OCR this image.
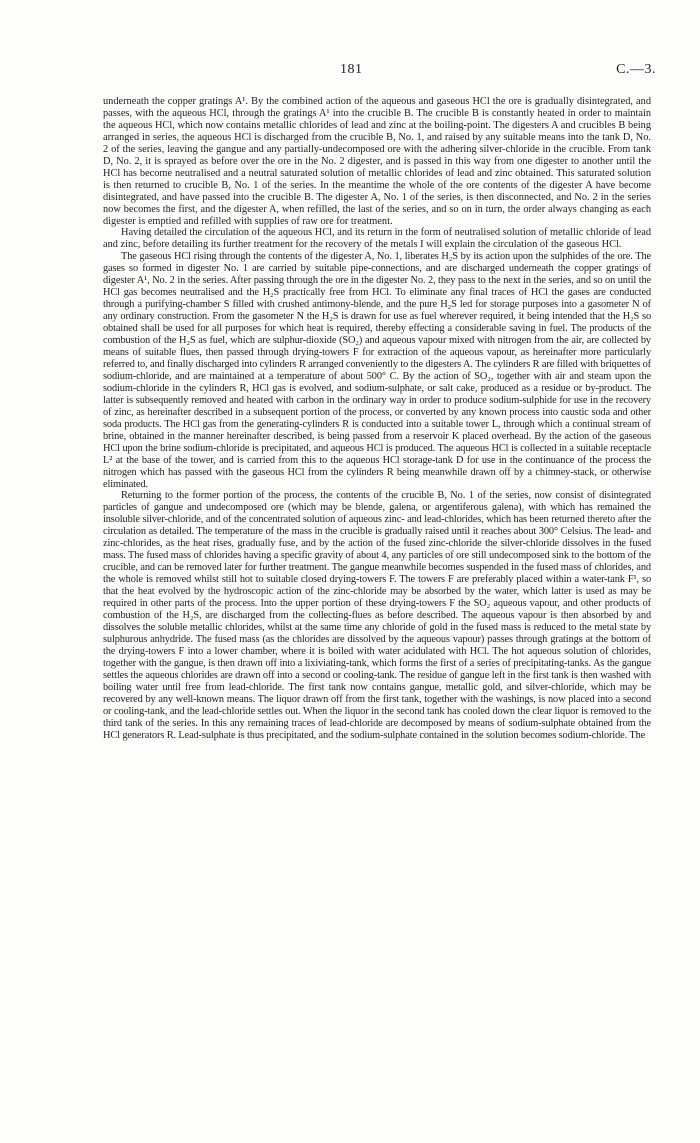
181	C.—3.

underneath the copper gratings A¹. By the combined action of the aqueous and gaseous HCl the ore is gradually disintegrated, and passes, with the aqueous HCl, through the gratings A¹ into the crucible B. The crucible B is constantly heated in order to maintain the aqueous HCl, which now contains metallic chlorides of lead and zinc at the boiling-point. The digesters A and crucibles B being arranged in series, the aqueous HCl is discharged from the crucible B, No. 1, and raised by any suitable means into the tank D, No. 2 of the series, leaving the gangue and any partially-undecomposed ore with the adhering silver-chloride in the crucible. From tank D, No. 2, it is sprayed as before over the ore in the No. 2 digester, and is passed in this way from one digester to another until the HCl has become neutralised and a neutral saturated solution of metallic chlorides of lead and zinc obtained. This saturated solution is then returned to crucible B, No. 1 of the series. In the meantime the whole of the ore contents of the digester A have become disintegrated, and have passed into the crucible B. The digester A, No. 1 of the series, is then disconnected, and No. 2 in the series now becomes the first, and the digester A, when refilled, the last of the series, and so on in turn, the order always changing as each digester is emptied and refilled with supplies of raw ore for treatment.

Having detailed the circulation of the aqueous HCl, and its return in the form of neutralised solution of metallic chloride of lead and zinc, before detailing its further treatment for the recovery of the metals I will explain the circulation of the gaseous HCl.

The gaseous HCl rising through the contents of the digester A, No. 1, liberates H₂S by its action upon the sulphides of the ore. The gases so formed in digester No. 1 are carried by suitable pipe-connections, and are discharged underneath the copper gratings of digester A¹, No. 2 in the series. After passing through the ore in the digester No. 2, they pass to the next in the series, and so on until the HCl gas becomes neutralised and the H₂S practically free from HCl. To eliminate any final traces of HCl the gases are conducted through a purifying-chamber S filled with crushed antimony-blende, and the pure H₂S led for storage purposes into a gasometer N of any ordinary construction. From the gasometer N the H₂S is drawn for use as fuel wherever required, it being intended that the H₂S so obtained shall be used for all purposes for which heat is required, thereby effecting a considerable saving in fuel. The products of the combustion of the H₂S as fuel, which are sulphur-dioxide (SO₂) and aqueous vapour mixed with nitrogen from the air, are collected by means of suitable flues, then passed through drying-towers F for extraction of the aqueous vapour, as hereinafter more particularly referred to, and finally discharged into cylinders R arranged conveniently to the digesters A. The cylinders R are filled with briquettes of sodium-chloride, and are maintained at a temperature of about 500° C. By the action of SO₂, together with air and steam upon the sodium-chloride in the cylinders R, HCl gas is evolved, and sodium-sulphate, or salt cake, produced as a residue or by-product. The latter is subsequently removed and heated with carbon in the ordinary way in order to produce sodium-sulphide for use in the recovery of zinc, as hereinafter described in a subsequent portion of the process, or converted by any known process into caustic soda and other soda products. The HCl gas from the generating-cylinders R is conducted into a suitable tower L, through which a continual stream of brine, obtained in the manner hereinafter described, is being passed from a reservoir K placed overhead. By the action of the gaseous HCl upon the brine sodium-chloride is precipitated, and aqueous HCl is produced. The aqueous HCl is collected in a suitable receptacle L² at the base of the tower, and is carried from this to the aqueous HCl storage-tank D for use in the continuance of the process the nitrogen which has passed with the gaseous HCl from the cylinders R being meanwhile drawn off by a chimney-stack, or otherwise eliminated.

Returning to the former portion of the process, the contents of the crucible B, No. 1 of the series, now consist of disintegrated particles of gangue and undecomposed ore (which may be blende, galena, or argentiferous galena), with which has remained the insoluble silver-chloride, and of the concentrated solution of aqueous zinc- and lead-chlorides, which has been returned thereto after the circulation as detailed. The temperature of the mass in the crucible is gradually raised until it reaches about 300° Celsius. The lead- and zinc-chlorides, as the heat rises, gradually fuse, and by the action of the fused zinc-chloride the silver-chloride dissolves in the fused mass. The fused mass of chlorides having a specific gravity of about 4, any particles of ore still undecomposed sink to the bottom of the crucible, and can be removed later for further treatment. The gangue meanwhile becomes suspended in the fused mass of chlorides, and the whole is removed whilst still hot to suitable closed drying-towers F. The towers F are preferably placed within a water-tank F¹, so that the heat evolved by the hydroscopic action of the zinc-chloride may be absorbed by the water, which latter is used as may be required in other parts of the process. Into the upper portion of these drying-towers F the SO₂ aqueous vapour, and other products of combustion of the H₂S, are discharged from the collecting-flues as before described. The aqueous vapour is then absorbed by and dissolves the soluble metallic chlorides, whilst at the same time any chloride of gold in the fused mass is reduced to the metal state by sulphurous anhydride. The fused mass (as the chlorides are dissolved by the aqueous vapour) passes through gratings at the bottom of the drying-towers F into a lower chamber, where it is boiled with water acidulated with HCl. The hot aqueous solution of chlorides, together with the gangue, is then drawn off into a lixiviating-tank, which forms the first of a series of precipitating-tanks. As the gangue settles the aqueous chlorides are drawn off into a second or cooling-tank. The residue of gangue left in the first tank is then washed with boiling water until free from lead-chloride. The first tank now contains gangue, metallic gold, and silver-chloride, which may be recovered by any well-known means. The liquor drawn off from the first tank, together with the washings, is now placed into a second or cooling-tank, and the lead-chloride settles out. When the liquor in the second tank has cooled down the clear liquor is removed to the third tank of the series. In this any remaining traces of lead-chloride are decomposed by means of sodium-sulphate obtained from the HCl generators R. Lead-sulphate is thus precipitated, and the sodium-sulphate contained in the solution becomes sodium-chloride. The
